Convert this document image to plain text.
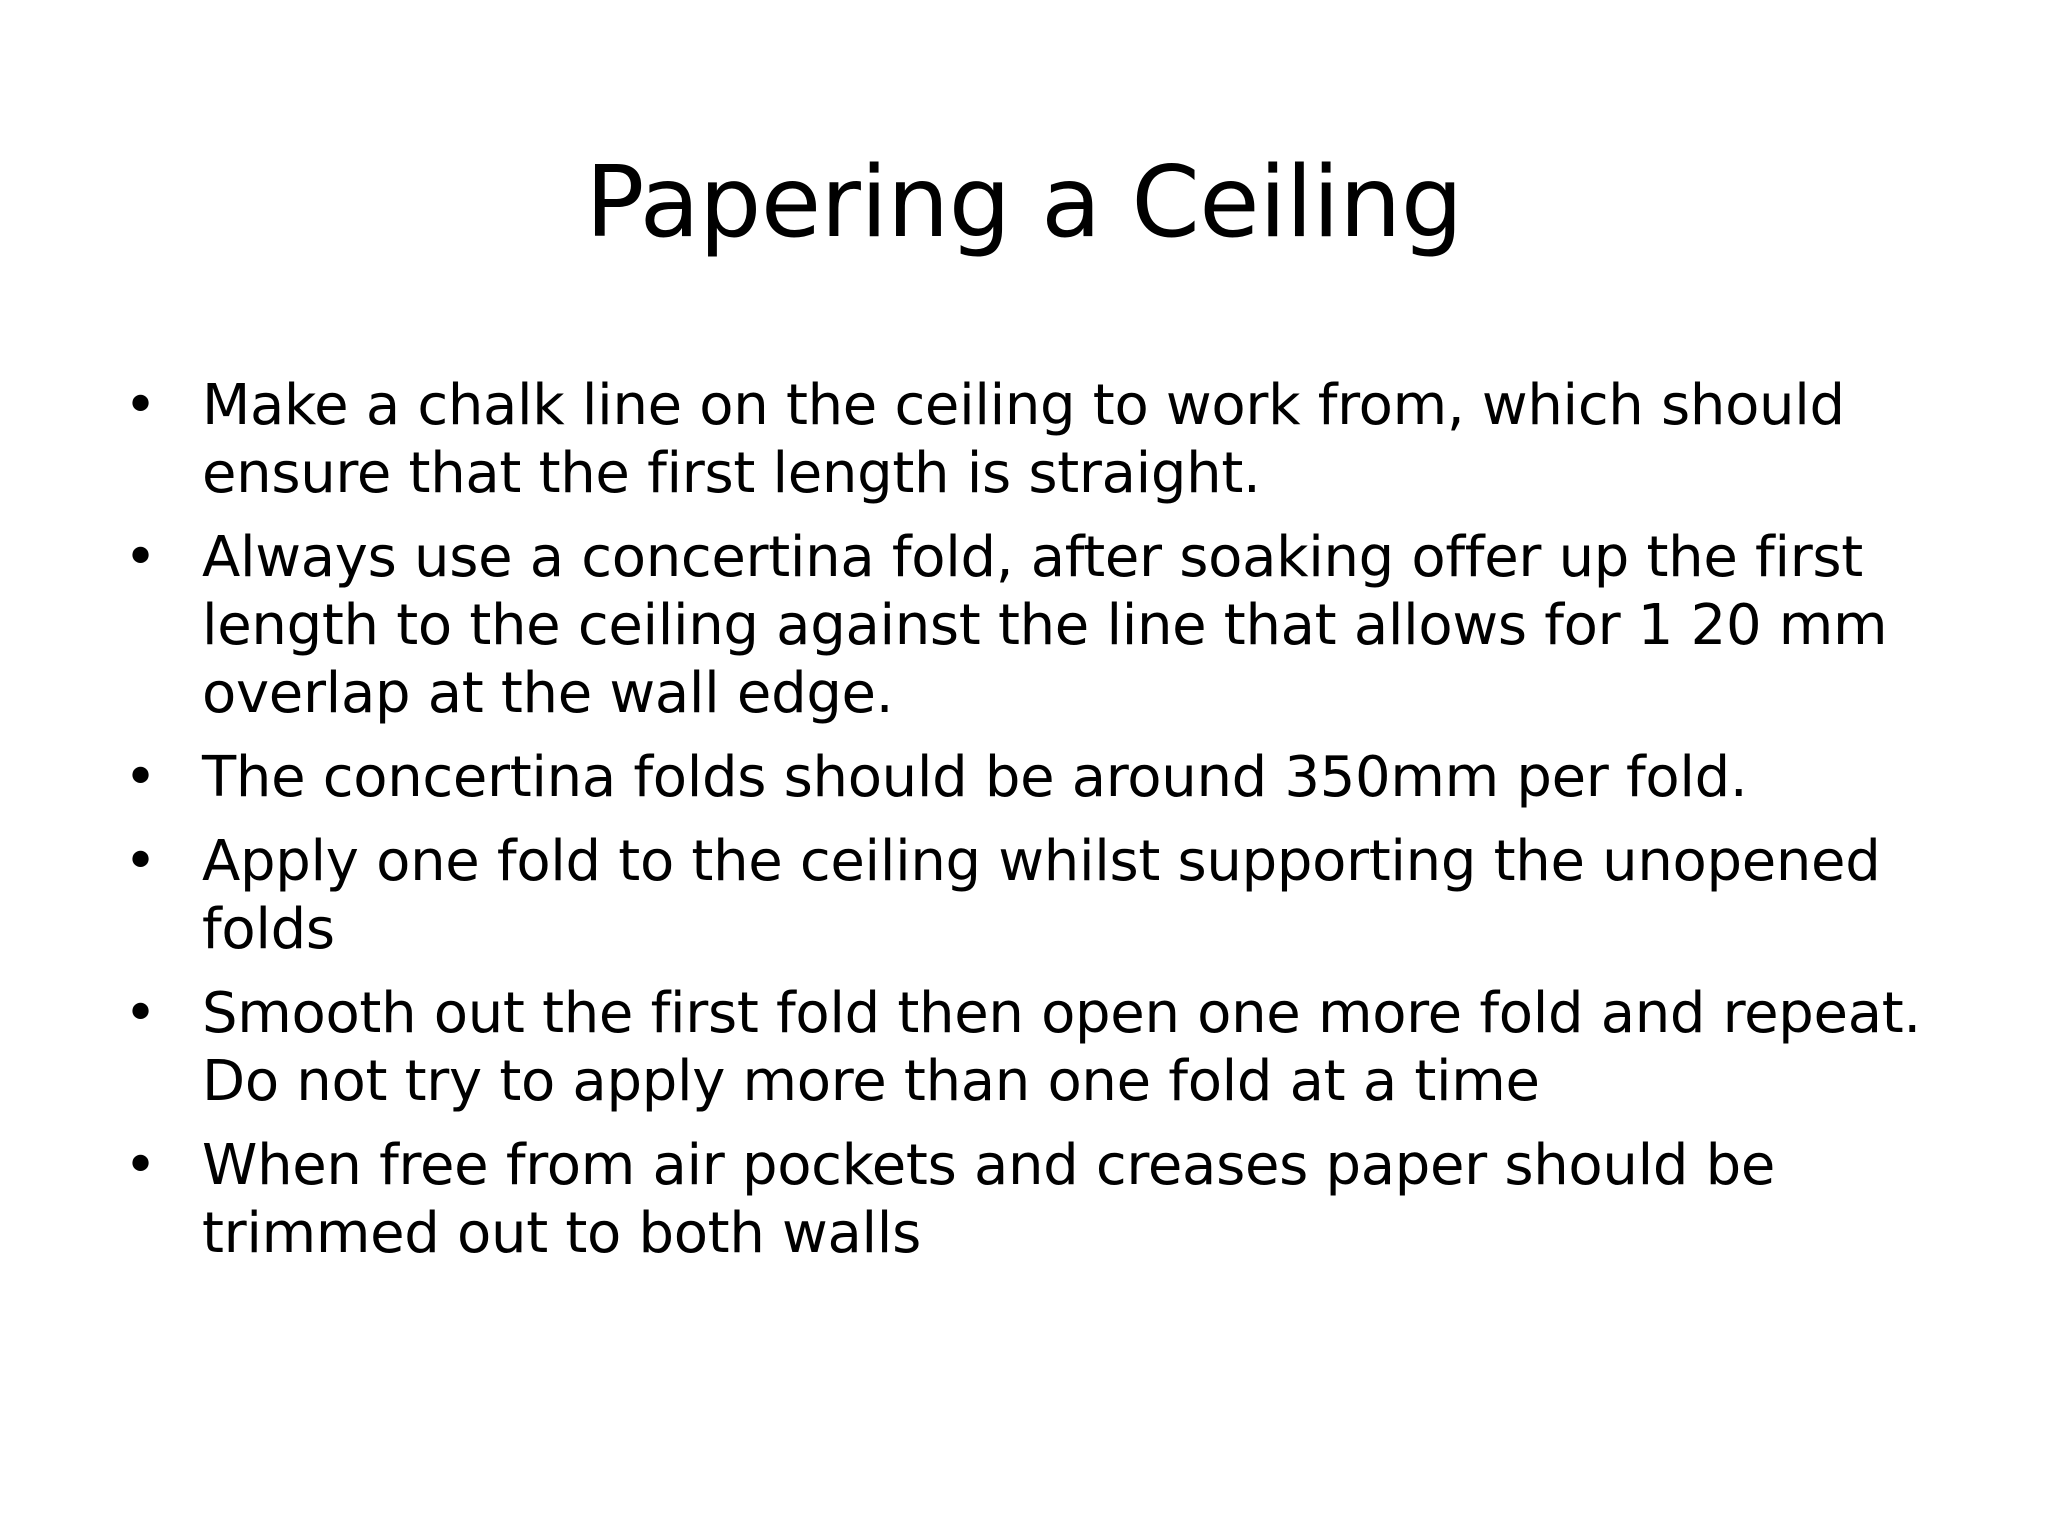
Papering a Ceiling
• Make a chalk line on the ceiling to work from, which should ensure that the first length is straight.
• Always use a concertina fold, after soaking offer up the first length to the ceiling against the line that allows for 1 20 mm overlap at the wall edge.
• The concertina folds should be around 350mm per fold.
• Apply one fold to the ceiling whilst supporting the unopened folds
• Smooth out the first fold then open one more fold and repeat. Do not try to apply more than one fold at a time
• When free from air pockets and creases paper should be trimmed out to both walls
